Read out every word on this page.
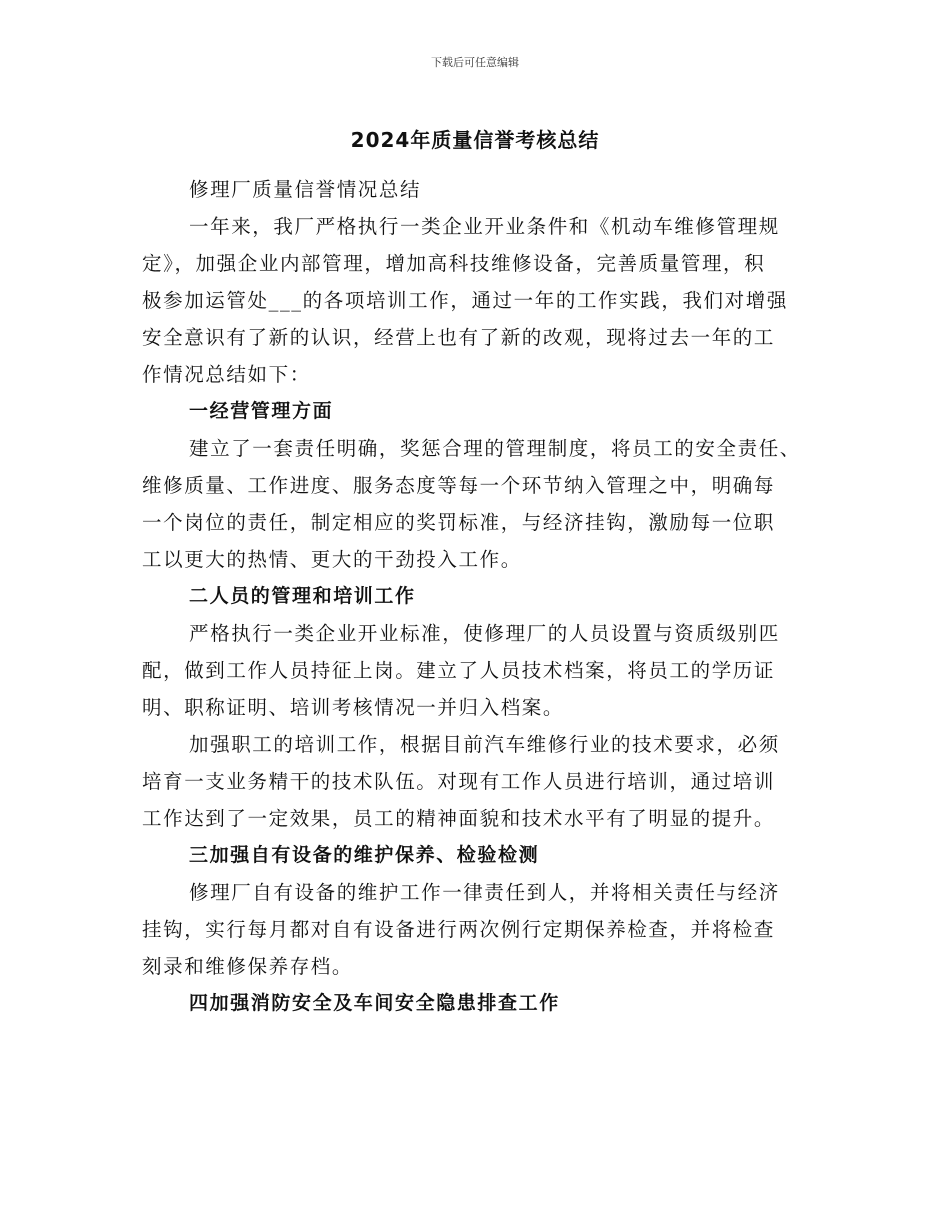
下载后可任意编辑
2024年质量信誉考核总结
修理厂质量信誉情况总结
一年来，我厂严格执行一类企业开业条件和《机动车维修管理规
定》，加强企业内部管理，增加高科技维修设备，完善质量管理，积
极参加运管处___的各项培训工作，通过一年的工作实践，我们对增强
安全意识有了新的认识，经营上也有了新的改观，现将过去一年的工
作情况总结如下：
一经营管理方面
建立了一套责任明确，奖惩合理的管理制度，将员工的安全责任、
维修质量、工作进度、服务态度等每一个环节纳入管理之中，明确每
一个岗位的责任，制定相应的奖罚标准，与经济挂钩，激励每一位职
工以更大的热情、更大的干劲投入工作。
二人员的管理和培训工作
严格执行一类企业开业标准，使修理厂的人员设置与资质级别匹
配，做到工作人员持征上岗。建立了人员技术档案，将员工的学历证
明、职称证明、培训考核情况一并归入档案。
加强职工的培训工作，根据目前汽车维修行业的技术要求，必须
培育一支业务精干的技术队伍。对现有工作人员进行培训，通过培训
工作达到了一定效果，员工的精神面貌和技术水平有了明显的提升。
三加强自有设备的维护保养、检验检测
修理厂自有设备的维护工作一律责任到人，并将相关责任与经济
挂钩，实行每月都对自有设备进行两次例行定期保养检查，并将检查
刻录和维修保养存档。
四加强消防安全及车间安全隐患排查工作
